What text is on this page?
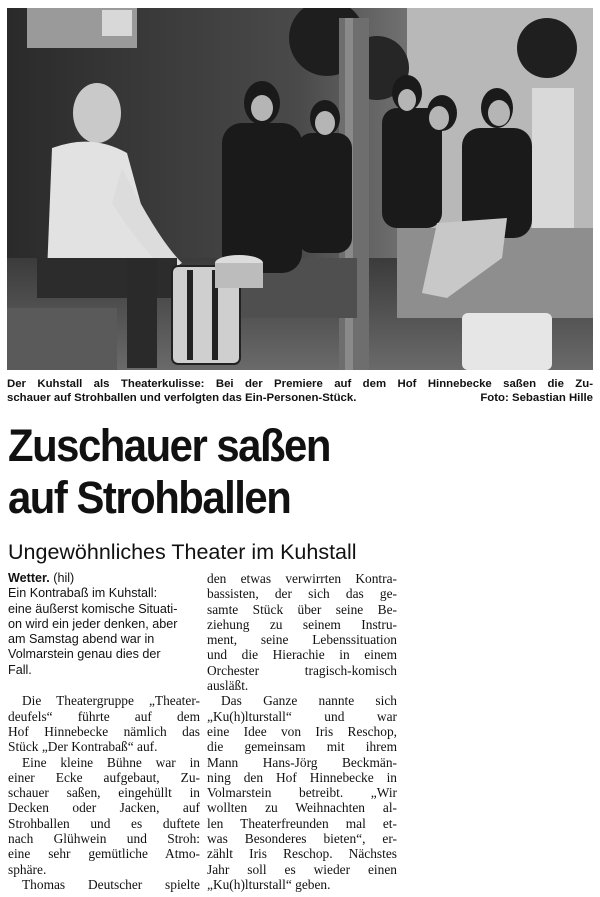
Der Kuhstall als Theaterkulisse: Bei der Premiere auf dem Hof Hinnebecke saßen die Zu-
schauer auf Strohballen und verfolgten das Ein-Personen-Stück.	Foto: Sebastian Hille
Zuschauer saßen
auf Strohballen
Ungewöhnliches Theater im Kuhstall
Wetter. (hil)
Ein Kontrabaß im Kuhstall:
eine äußerst komische Situati-
on wird ein jeder denken, aber
am Samstag abend war in
Volmarstein genau dies der
Fall.

Die Theatergruppe „Theater-
deufels“ führte auf dem
Hof Hinnebecke nämlich das
Stück „Der Kontrabaß“ auf.

Eine kleine Bühne war in
einer Ecke aufgebaut, Zu-
schauer saßen, eingehüllt in
Decken oder Jacken, auf
Strohballen und es duftete
nach Glühwein und Stroh:
eine sehr gemütliche Atmo-
sphäre.

Thomas Deutscher spielte

den etwas verwirrten Kontra-
bassisten, der sich das ge-
samte Stück über seine Be-
ziehung zu seinem Instru-
ment, seine Lebenssituation
und die Hierachie in einem
Orchester tragisch-komisch
ausläßt.

Das Ganze nannte sich
„Ku(h)lturstall“ und war
eine Idee von Iris Reschop,
die gemeinsam mit ihrem
Mann Hans-Jörg Beckmän-
ning den Hof Hinnebecke in
Volmarstein betreibt. „Wir
wollten zu Weihnachten al-
len Theaterfreunden mal et-
was Besonderes bieten“, er-
zählt Iris Reschop. Nächstes
Jahr soll es wieder einen
„Ku(h)lturstall“ geben.
